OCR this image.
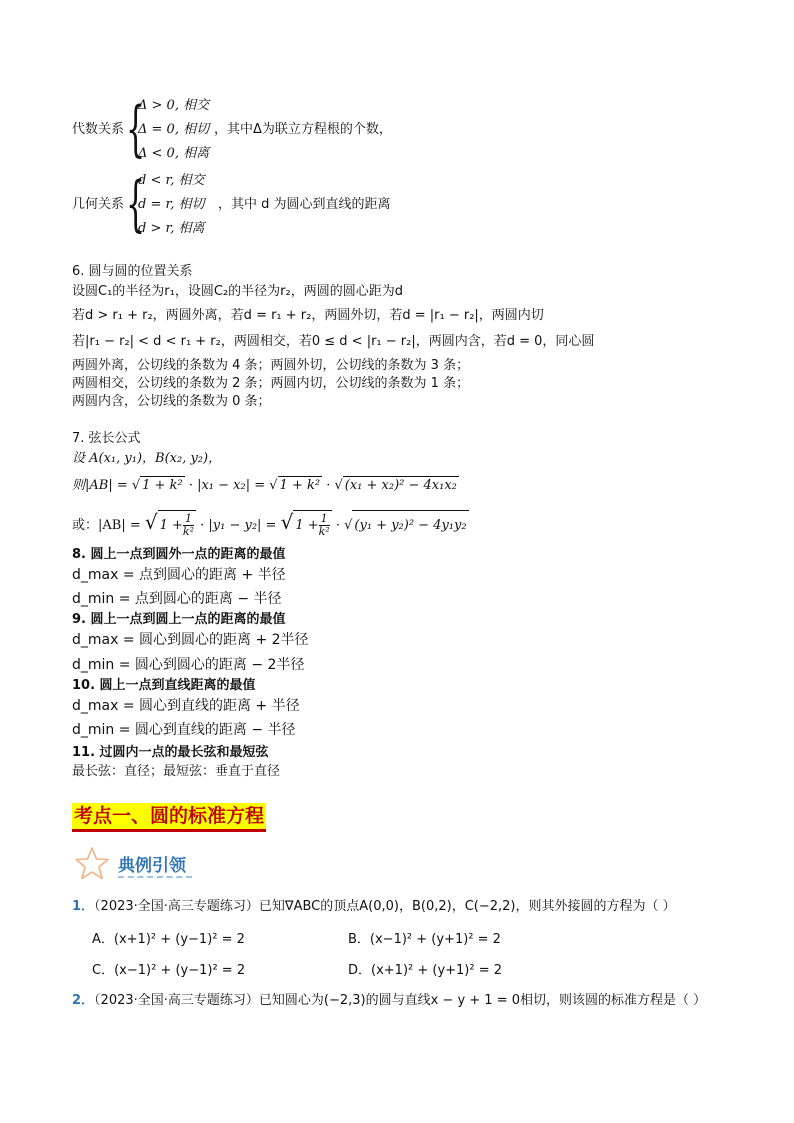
代数关系 {
Δ > 0, 相交
Δ = 0, 相切 ，其中Δ为联立方程根的个数，
Δ < 0, 相离
几何关系 {
d < r, 相交
d = r, 相切 ，其中 d 为圆心到直线的距离
d > r, 相离
6. 圆与圆的位置关系
设圆C₁的半径为r₁，设圆C₂的半径为r₂，两圆的圆心距为d
若d > r₁ + r₂，两圆外离，若d = r₁ + r₂，两圆外切，若d = |r₁ − r₂|，两圆内切
若|r₁ − r₂| < d < r₁ + r₂，两圆相交，若0 ≤ d < |r₁ − r₂|，两圆内含，若d = 0，同心圆
两圆外离，公切线的条数为 4 条；两圆外切，公切线的条数为 3 条；
两圆相交，公切线的条数为 2 条；两圆内切，公切线的条数为 1 条；
两圆内含，公切线的条数为 0 条；
7. 弦长公式
设 A(x₁, y₁)，B(x₂, y₂)，
则|AB| = √ 1 + k² · |x₁ − x₂| = √ 1 + k² · √ (x₁ + x₂)² − 4x₁x₂
或：|AB| = √ $1 + \frac{1}{\text{k²}} \cdot |y_1 - y_2|$ = √ $1 + \frac{1}{\text{k²}}$ · √ (y₁ + y₂)² − 4y₁y₂
8. 圆上一点到圆外一点的距离的最值
d_max = 点到圆心的距离 + 半径
d_min = 点到圆心的距离 − 半径
9. 圆上一点到圆上一点的距离的最值
d_max = 圆心到圆心的距离 + 2半径
d_min = 圆心到圆心的距离 − 2半径
10. 圆上一点到直线距离的最值
d_max = 圆心到直线的距离 + 半径
d_min = 圆心到直线的距离 − 半径
11. 过圆内一点的最长弦和最短弦
最长弦：直径；最短弦：垂直于直径
考点一、圆的标准方程
典例引领
1．（2023·全国·高三专题练习）已知∇ABC的顶点A(0,0)，B(0,2)，C(−2,2)，则其外接圆的方程为（ ）
A．(x+1)² + (y−1)² = 2	B．(x−1)² + (y+1)² = 2
C．(x−1)² + (y−1)² = 2	D．(x+1)² + (y+1)² = 2
2．（2023·全国·高三专题练习）已知圆心为(−2,3)的圆与直线x − y + 1 = 0相切，则该圆的标准方程是（ ）
